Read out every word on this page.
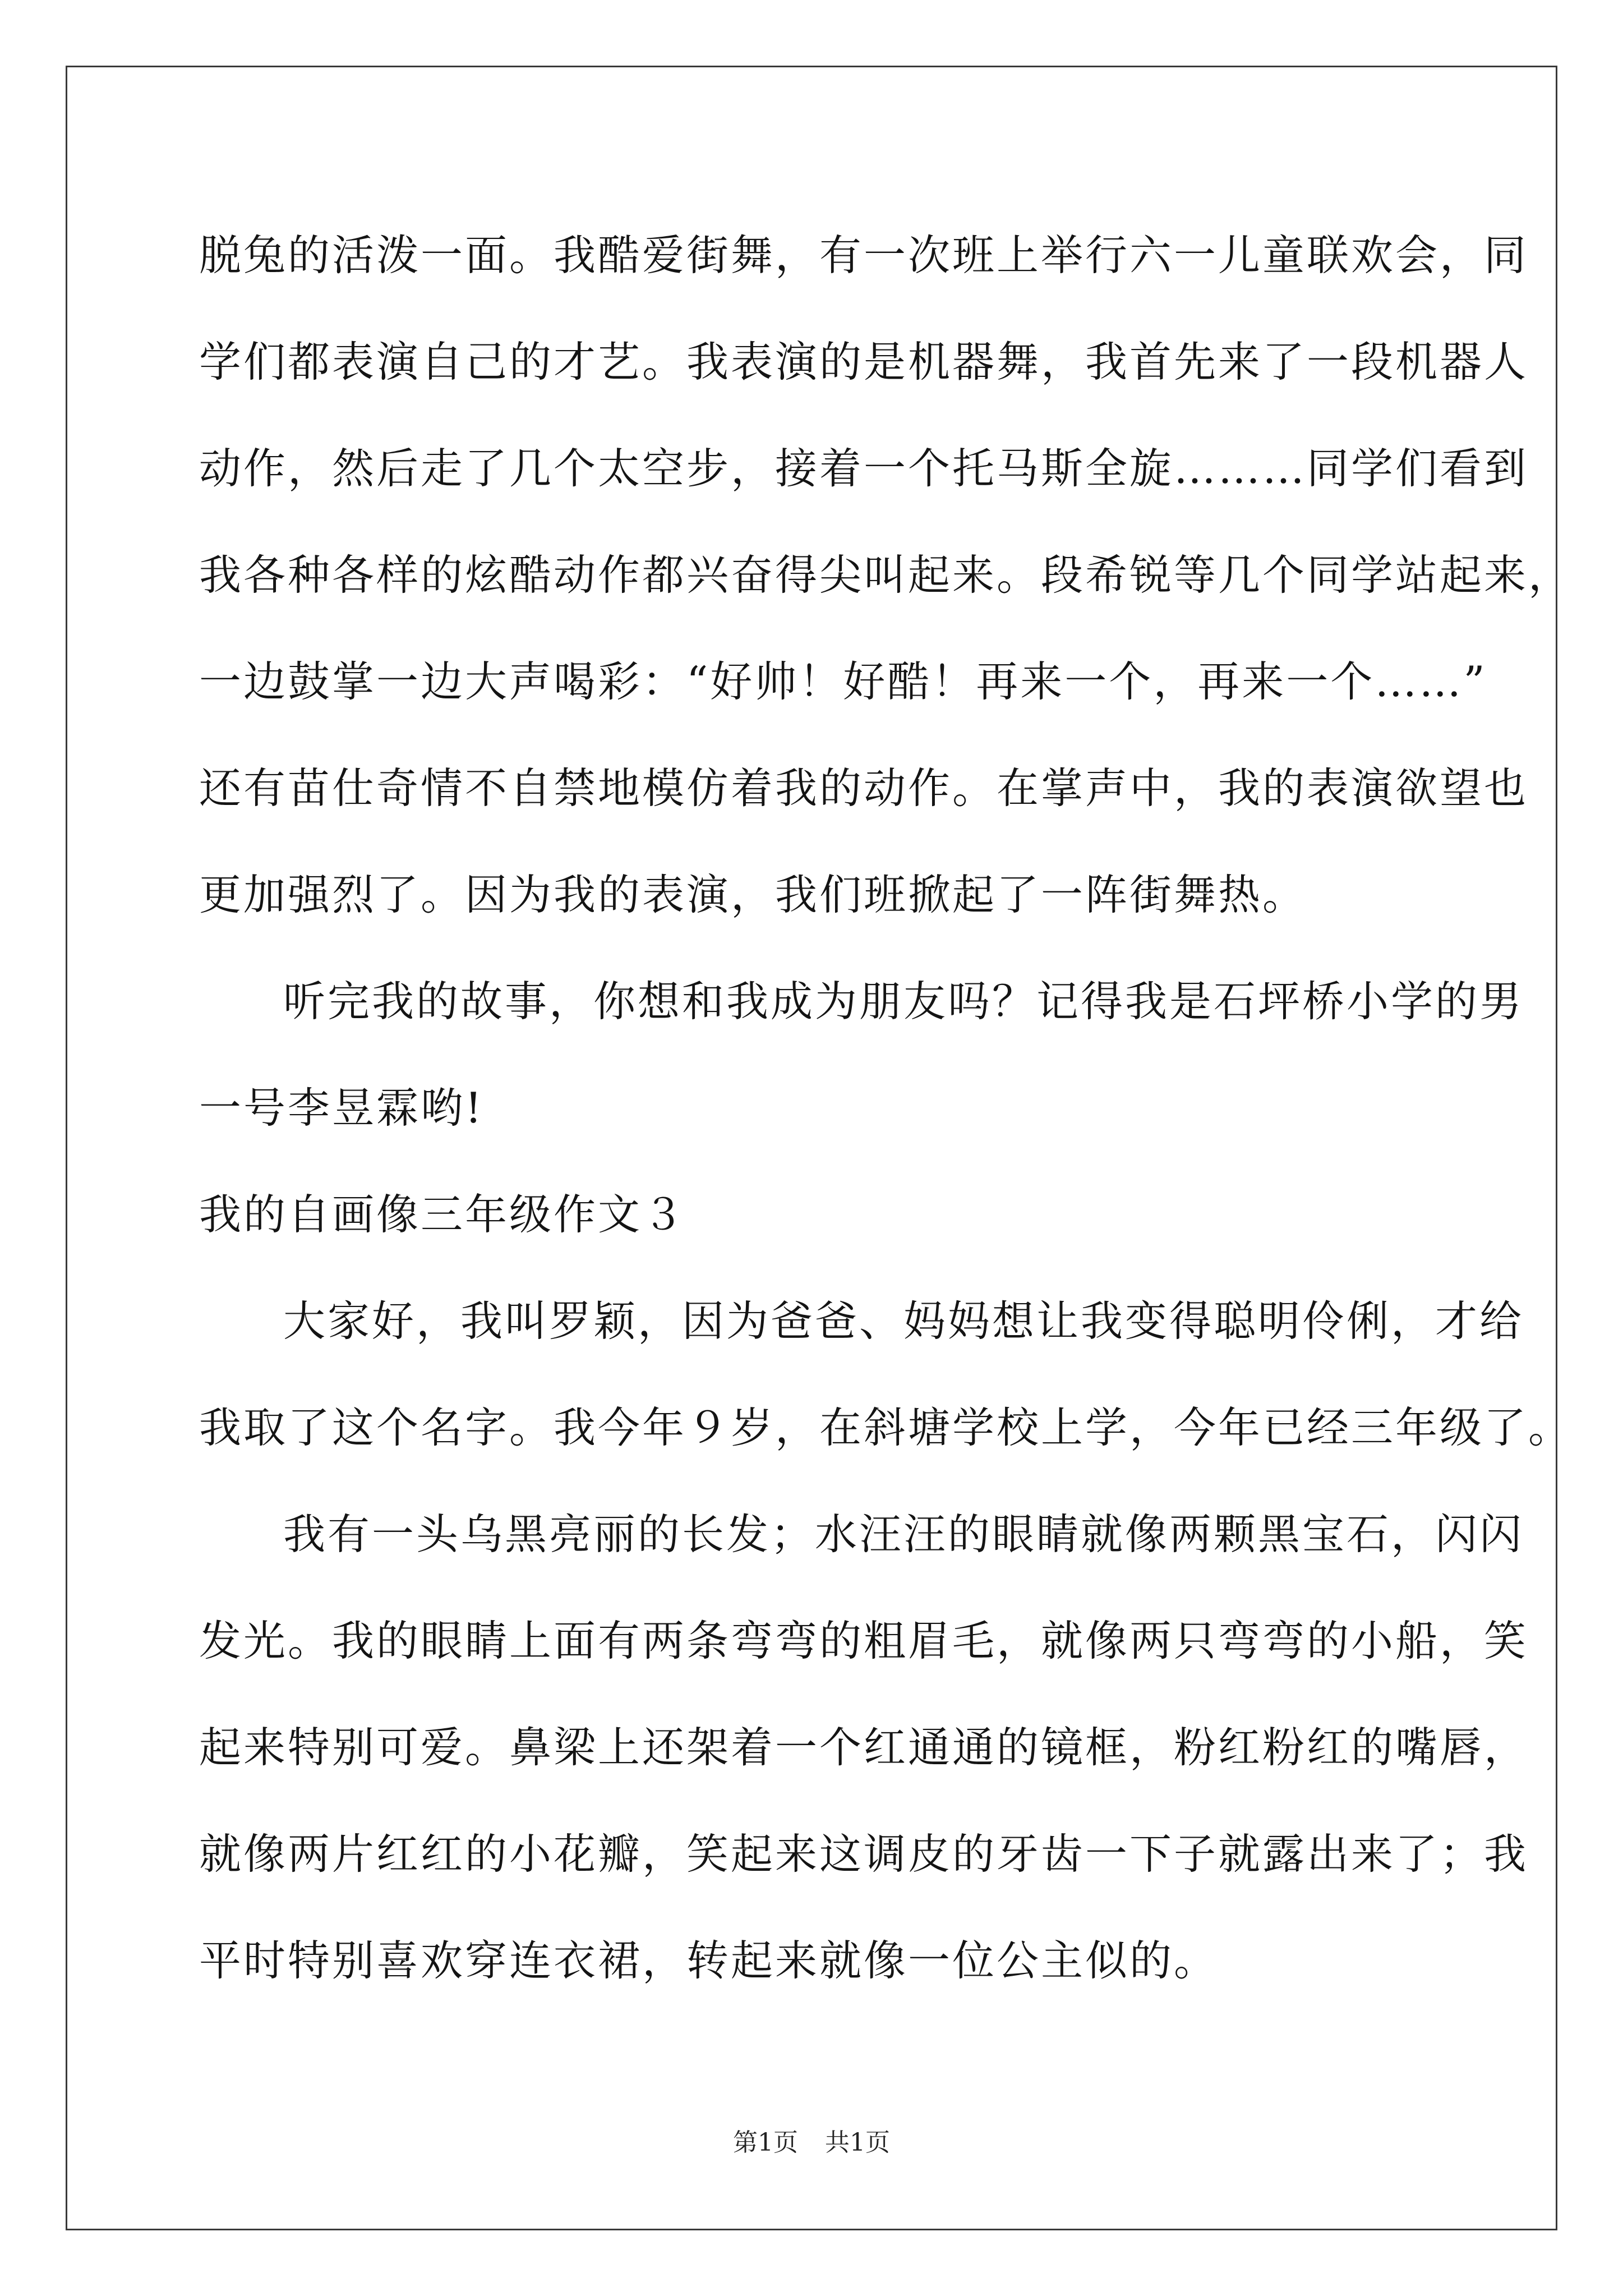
脱兔的活泼一面。我酷爱街舞，有一次班上举行六一儿童联欢会，同
学们都表演自己的才艺。我表演的是机器舞，我首先来了一段机器人
动作，然后走了几个太空步，接着一个托马斯全旋………同学们看到
我各种各样的炫酷动作都兴奋得尖叫起来。段希锐等几个同学站起来，
一边鼓掌一边大声喝彩：“好帅！好酷！再来一个，再来一个……”
还有苗仕奇情不自禁地模仿着我的动作。在掌声中，我的表演欲望也
更加强烈了。因为我的表演，我们班掀起了一阵街舞热。
听完我的故事，你想和我成为朋友吗？记得我是石坪桥小学的男
一号李昱霖哟!
我的自画像三年级作文３
大家好，我叫罗颖，因为爸爸、妈妈想让我变得聪明伶俐，才给
我取了这个名字。我今年９岁，在斜塘学校上学，今年已经三年级了。
我有一头乌黑亮丽的长发；水汪汪的眼睛就像两颗黑宝石，闪闪
发光。我的眼睛上面有两条弯弯的粗眉毛，就像两只弯弯的小船，笑
起来特别可爱。鼻梁上还架着一个红通通的镜框，粉红粉红的嘴唇，
就像两片红红的小花瓣，笑起来这调皮的牙齿一下子就露出来了；我
平时特别喜欢穿连衣裙，转起来就像一位公主似的。
第1页 共1页
